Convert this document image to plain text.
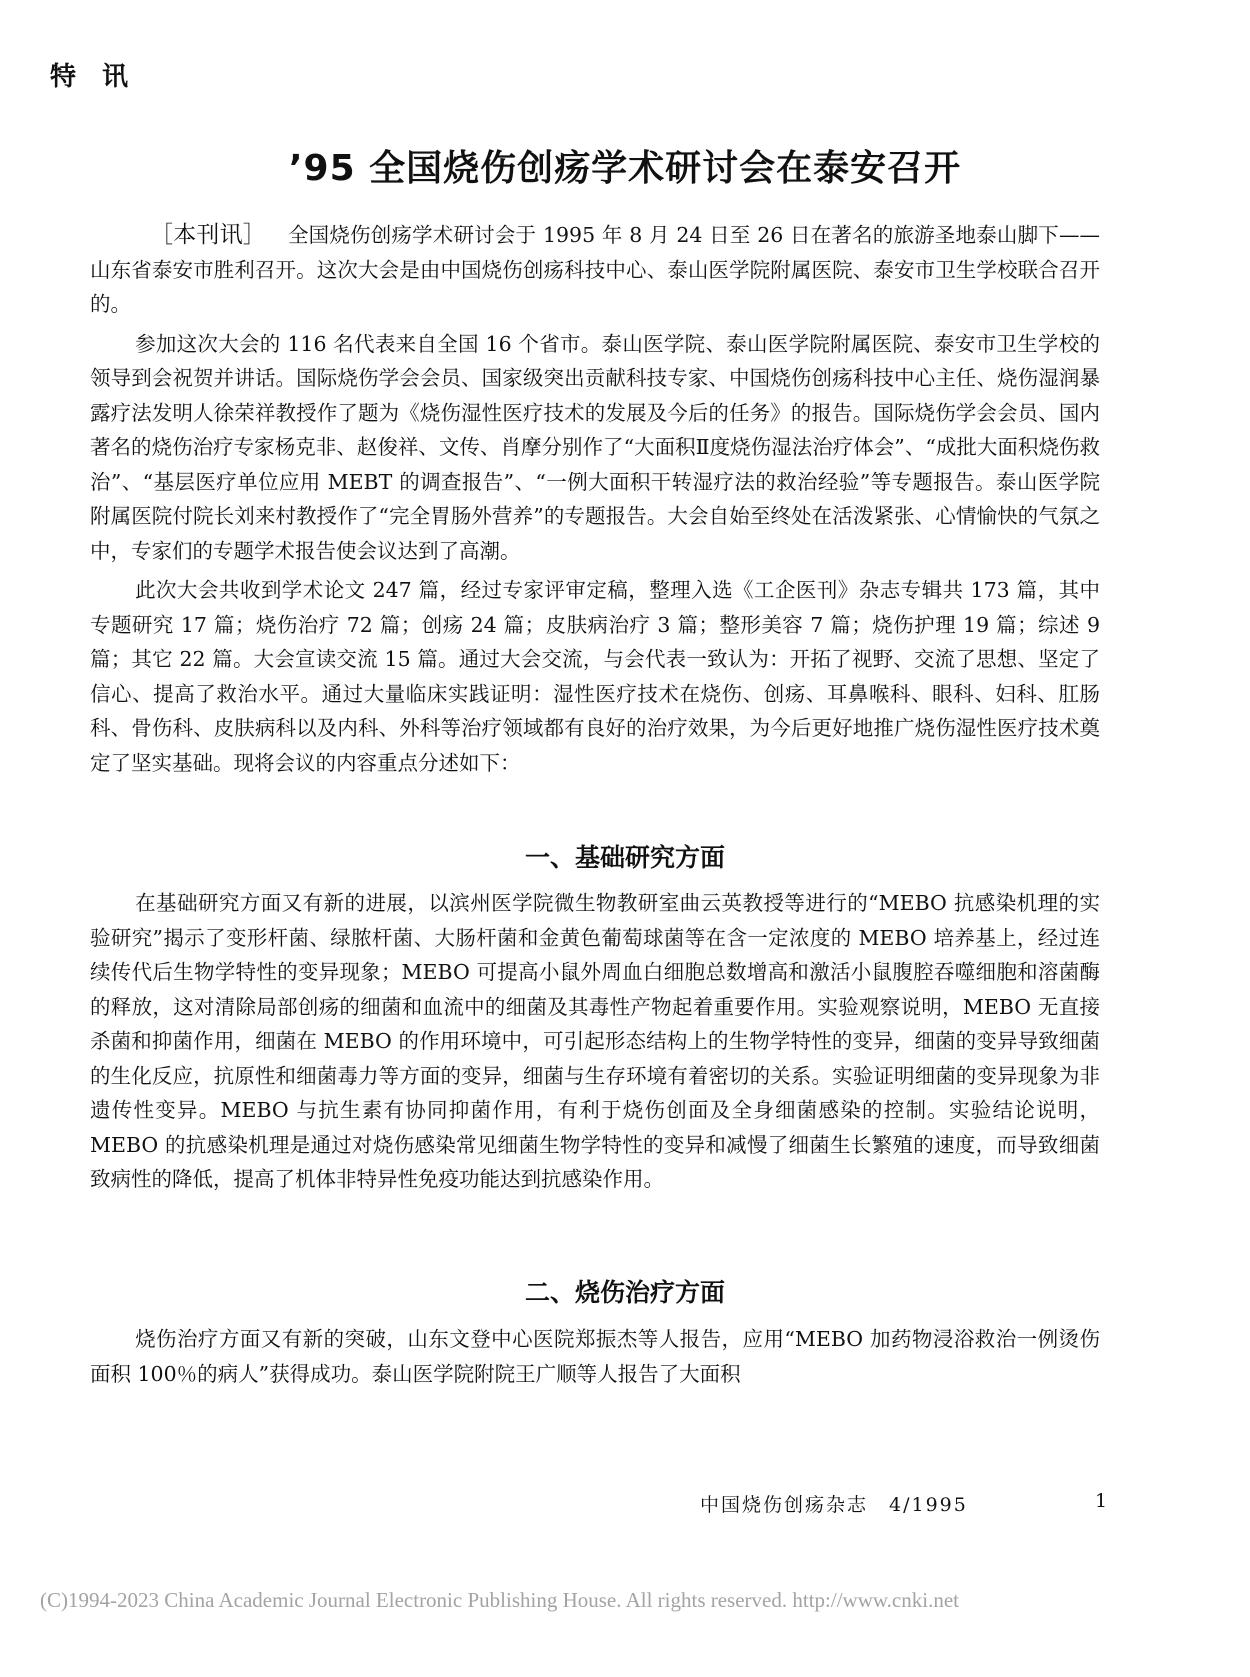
特讯
’95 全国烧伤创疡学术研讨会在泰安召开

［本刊讯］ 全国烧伤创疡学术研讨会于 1995 年 8 月 24 日至 26 日在著名的旅游圣地泰山脚下—— 山东省泰安市胜利召开。这次大会是由中国烧伤创疡科技中心、泰山医学院附属医院、泰安市卫生学校联合召开的。

参加这次大会的 116 名代表来自全国 16 个省市。泰山医学院、泰山医学院附属医院、泰安市卫生学校的领导到会祝贺并讲话。国际烧伤学会会员、国家级突出贡献科技专家、中国烧伤创疡科技中心主任、烧伤湿润暴露疗法发明人徐荣祥教授作了题为《烧伤湿性医疗技术的发展及今后的任务》的报告。国际烧伤学会会员、国内著名的烧伤治疗专家杨克非、赵俊祥、文传、肖摩分别作了“大面积Ⅱ度烧伤湿法治疗体会”、“成批大面积烧伤救治”、“基层医疗单位应用 MEBT 的调查报告”、“一例大面积干转湿疗法的救治经验”等专题报告。泰山医学院附属医院付院长刘来村教授作了“完全胃肠外营养”的专题报告。大会自始至终处在活泼紧张、心情愉快的气氛之中，专家们的专题学术报告使会议达到了高潮。

此次大会共收到学术论文 247 篇，经过专家评审定稿，整理入选《工企医刊》杂志专辑共 173 篇，其中专题研究 17 篇；烧伤治疗 72 篇；创疡 24 篇；皮肤病治疗 3 篇；整形美容 7 篇；烧伤护理 19 篇；综述 9 篇；其它 22 篇。大会宣读交流 15 篇。通过大会交流，与会代表一致认为：开拓了视野、交流了思想、坚定了信心、提高了救治水平。通过大量临床实践证明：湿性医疗技术在烧伤、创疡、耳鼻喉科、眼科、妇科、肛肠科、骨伤科、皮肤病科以及内科、外科等治疗领域都有良好的治疗效果，为今后更好地推广烧伤湿性医疗技术奠定了坚实基础。现将会议的内容重点分述如下：

一、基础研究方面

在基础研究方面又有新的进展，以滨州医学院微生物教研室曲云英教授等进行的“MEBO 抗感染机理的实验研究”揭示了变形杆菌、绿脓杆菌、大肠杆菌和金黄色葡萄球菌等在含一定浓度的 MEBO 培养基上，经过连续传代后生物学特性的变异现象；MEBO 可提高小鼠外周血白细胞总数增高和激活小鼠腹腔吞噬细胞和溶菌酶的释放，这对清除局部创疡的细菌和血流中的细菌及其毒性产物起着重要作用。实验观察说明，MEBO 无直接杀菌和抑菌作用，细菌在 MEBO 的作用环境中，可引起形态结构上的生物学特性的变异，细菌的变异导致细菌的生化反应，抗原性和细菌毒力等方面的变异，细菌与生存环境有着密切的关系。实验证明细菌的变异现象为非遗传性变异。MEBO 与抗生素有协同抑菌作用，有利于烧伤创面及全身细菌感染的控制。实验结论说明，MEBO 的抗感染机理是通过对烧伤感染常见细菌生物学特性的变异和减慢了细菌生长繁殖的速度，而导致细菌致病性的降低，提高了机体非特异性免疫功能达到抗感染作用。

二、烧伤治疗方面

烧伤治疗方面又有新的突破，山东文登中心医院郑振杰等人报告，应用“MEBO 加药物浸浴救治一例烫伤面积 100％的病人”获得成功。泰山医学院附院王广顺等人报告了大面积

中国烧伤创疡杂志　4/1995	1
(C)1994-2023 China Academic Journal Electronic Publishing House. All rights reserved. http://www.cnki.net
